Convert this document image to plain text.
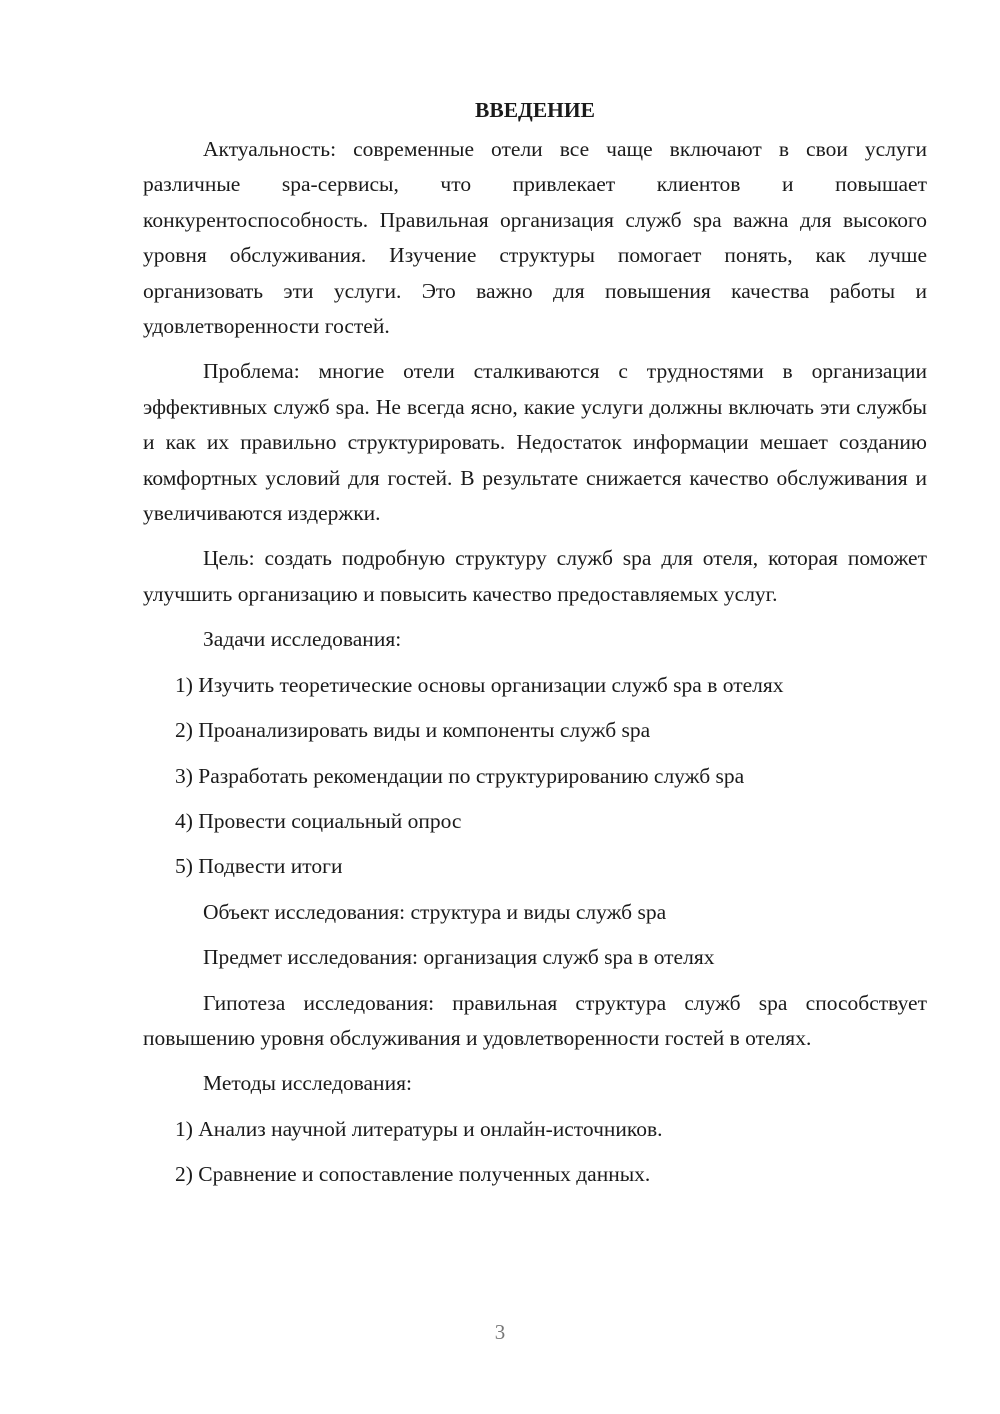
ВВЕДЕНИЕ

Актуальность: современные отели все чаще включают в свои услуги различные spa-сервисы, что привлекает клиентов и повышает конкурентоспособность. Правильная организация служб spa важна для высокого уровня обслуживания. Изучение структуры помогает понять, как лучше организовать эти услуги. Это важно для повышения качества работы и удовлетворенности гостей.

Проблема: многие отели сталкиваются с трудностями в организации эффективных служб spa. Не всегда ясно, какие услуги должны включать эти службы и как их правильно структурировать. Недостаток информации мешает созданию комфортных условий для гостей. В результате снижается качество обслуживания и увеличиваются издержки.

Цель: создать подробную структуру служб spa для отеля, которая поможет улучшить организацию и повысить качество предоставляемых услуг.

Задачи исследования:

1) Изучить теоретические основы организации служб spa в отелях

2) Проанализировать виды и компоненты служб spa

3) Разработать рекомендации по структурированию служб spa

4) Провести социальный опрос

5) Подвести итоги

Объект исследования: структура и виды служб spa

Предмет исследования: организация служб spa в отелях

Гипотеза исследования: правильная структура служб spa способствует повышению уровня обслуживания и удовлетворенности гостей в отелях.

Методы исследования:

1) Анализ научной литературы и онлайн-источников.

2) Сравнение и сопоставление полученных данных.

3
